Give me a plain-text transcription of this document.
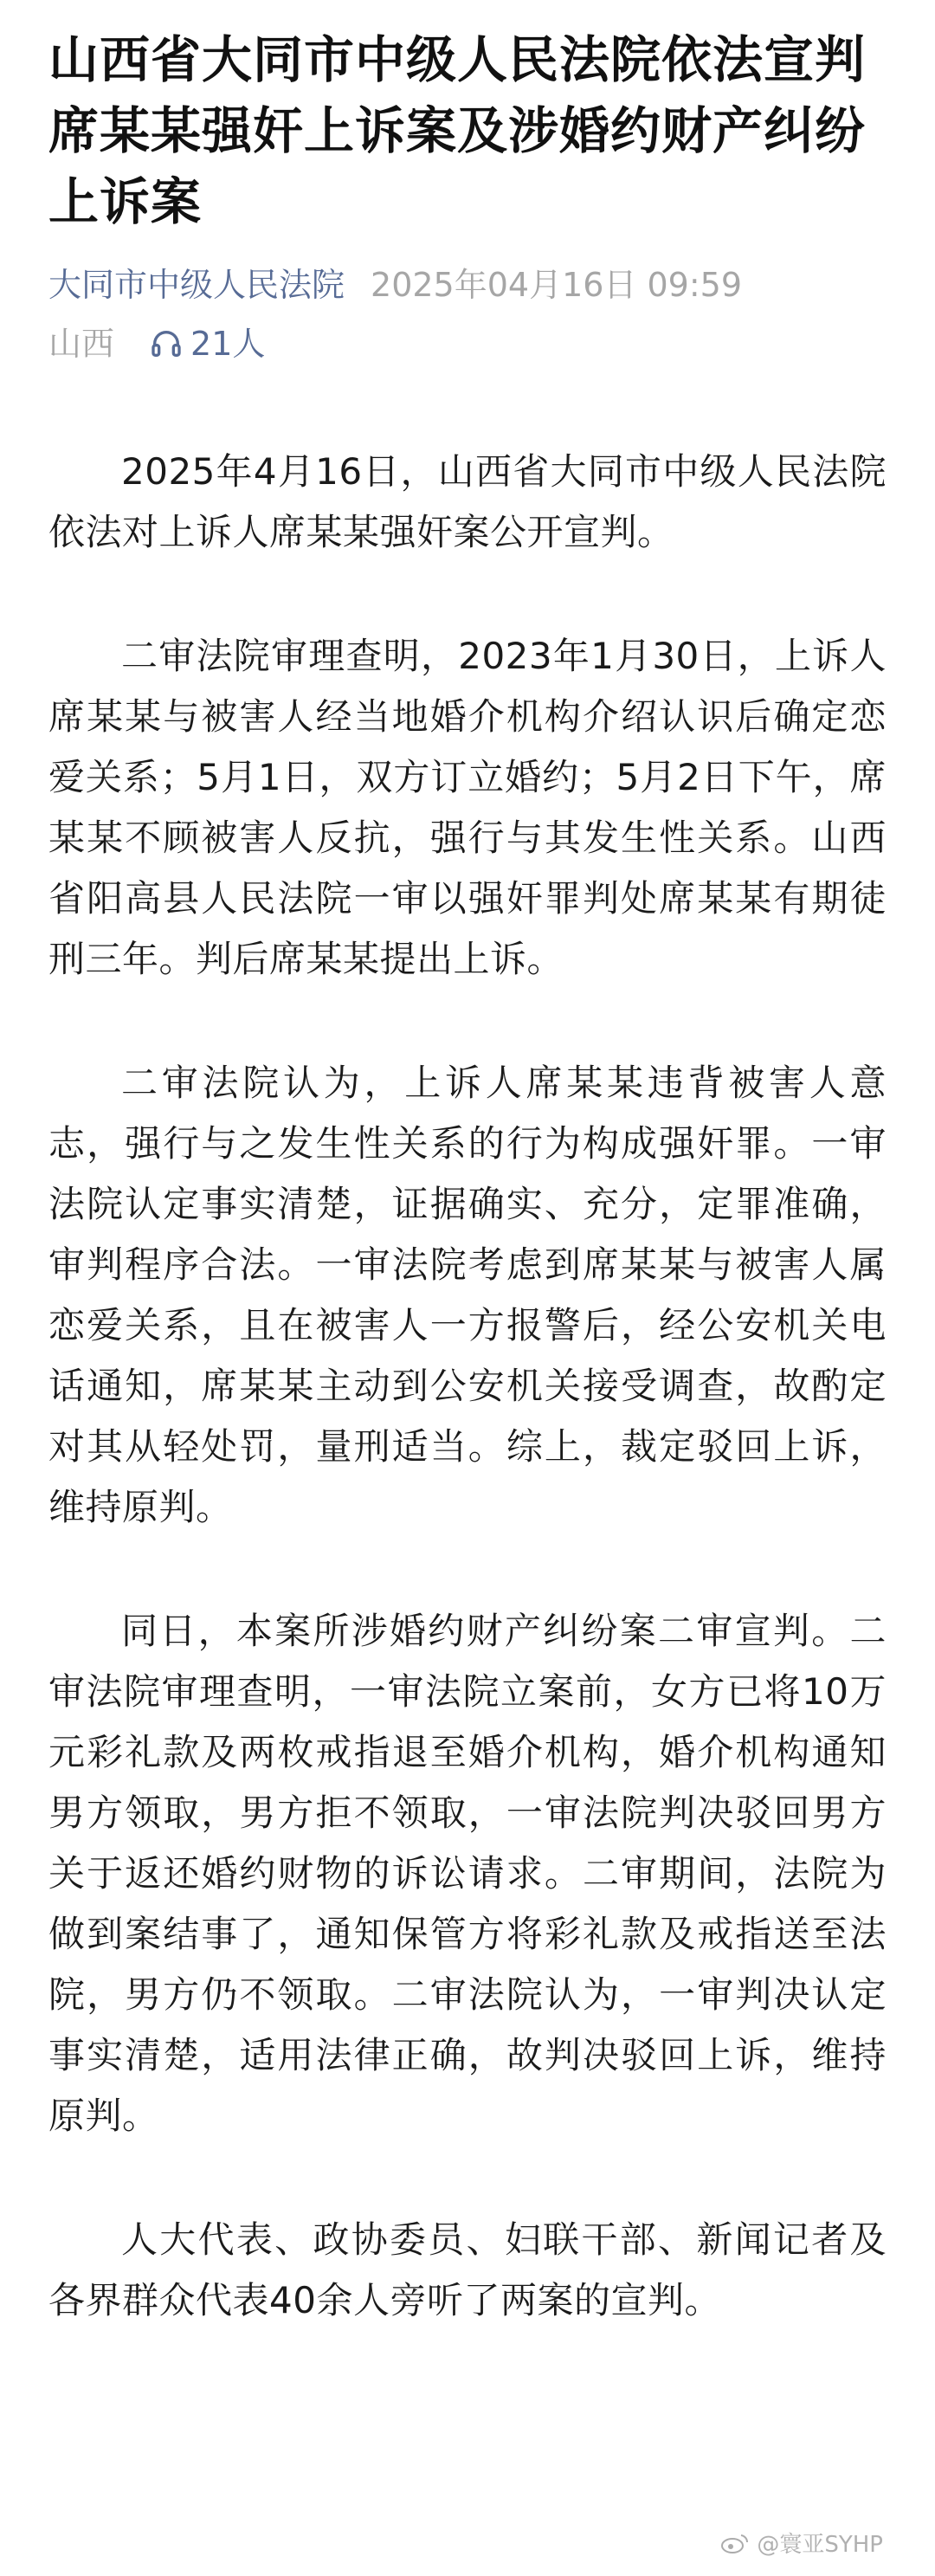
山西省大同市中级人民法院依法宣判席某某强奸上诉案及涉婚约财产纠纷上诉案
大同市中级人民法院 2025年04月16日 09:59
山西 21人

2025年4月16日，山西省大同市中级人民法院依法对上诉人席某某强奸案公开宣判。

二审法院审理查明，2023年1月30日，上诉人席某某与被害人经当地婚介机构介绍认识后确定恋爱关系；5月1日，双方订立婚约；5月2日下午，席某某不顾被害人反抗，强行与其发生性关系。山西省阳高县人民法院一审以强奸罪判处席某某有期徒刑三年。判后席某某提出上诉。

二审法院认为，上诉人席某某违背被害人意志，强行与之发生性关系的行为构成强奸罪。一审法院认定事实清楚，证据确实、充分，定罪准确，审判程序合法。一审法院考虑到席某某与被害人属恋爱关系，且在被害人一方报警后，经公安机关电话通知，席某某主动到公安机关接受调查，故酌定对其从轻处罚，量刑适当。综上，裁定驳回上诉，维持原判。

同日，本案所涉婚约财产纠纷案二审宣判。二审法院审理查明，一审法院立案前，女方已将10万元彩礼款及两枚戒指退至婚介机构，婚介机构通知男方领取，男方拒不领取，一审法院判决驳回男方关于返还婚约财物的诉讼请求。二审期间，法院为做到案结事了，通知保管方将彩礼款及戒指送至法院，男方仍不领取。二审法院认为，一审判决认定事实清楚，适用法律正确，故判决驳回上诉，维持原判。

人大代表、政协委员、妇联干部、新闻记者及各界群众代表40余人旁听了两案的宣判。

@寰亚SYHP
